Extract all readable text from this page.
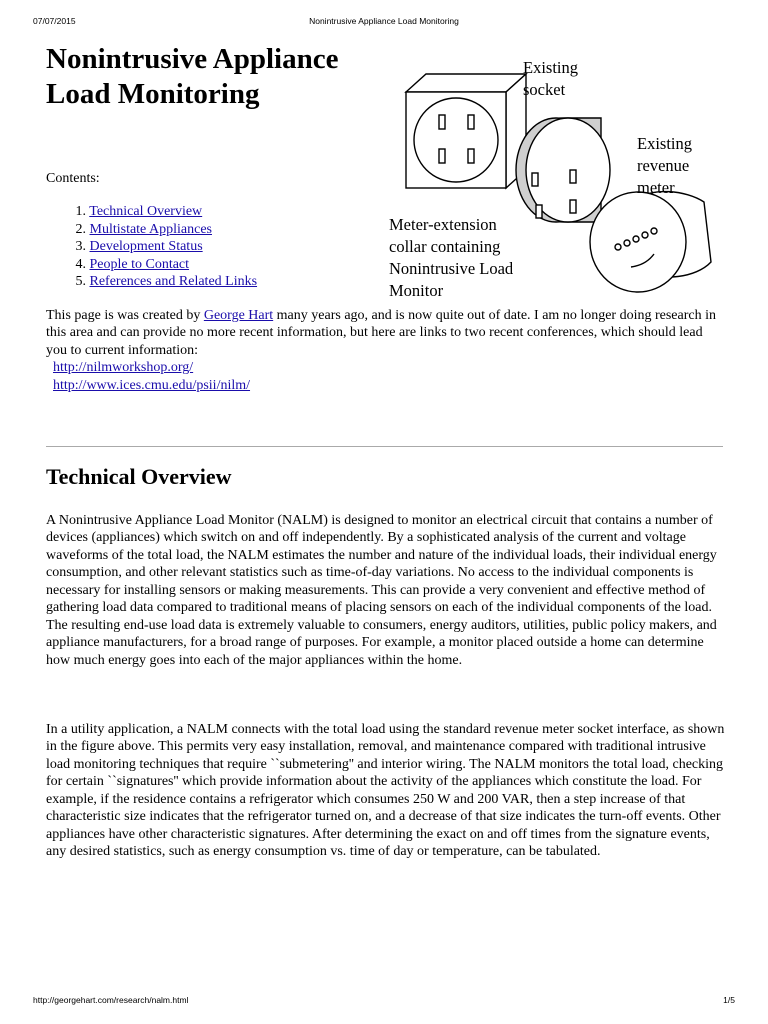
07/07/2015	Nonintrusive Appliance Load Monitoring
Nonintrusive Appliance Load Monitoring

Contents:

1. Technical Overview
2. Multistate Appliances
3. Development Status
4. People to Contact
5. References and Related Links
Existing
socket
Existing
revenue
meter
Meter-extension
collar containing
Nonintrusive Load
Monitor
This page is was created by George Hart many years ago, and is now quite out of date. I am no longer doing research in this area and can provide no more recent information, but here are links to two recent conferences, which should lead you to current information:
http://nilmworkshop.org/
http://www.ices.cmu.edu/psii/nilm/
Technical Overview

A Nonintrusive Appliance Load Monitor (NALM) is designed to monitor an electrical circuit that contains a number of devices (appliances) which switch on and off independently. By a sophisticated analysis of the current and voltage waveforms of the total load, the NALM estimates the number and nature of the individual loads, their individual energy consumption, and other relevant statistics such as time-of-day variations. No access to the individual components is necessary for installing sensors or making measurements. This can provide a very convenient and effective method of gathering load data compared to traditional means of placing sensors on each of the individual components of the load. The resulting end-use load data is extremely valuable to consumers, energy auditors, utilities, public policy makers, and appliance manufacturers, for a broad range of purposes. For example, a monitor placed outside a home can determine how much energy goes into each of the major appliances within the home.

In a utility application, a NALM connects with the total load using the standard revenue meter socket interface, as shown in the figure above. This permits very easy installation, removal, and maintenance compared with traditional intrusive load monitoring techniques that require ``submetering'' and interior wiring. The NALM monitors the total load, checking for certain ``signatures'' which provide information about the activity of the appliances which constitute the load. For example, if the residence contains a refrigerator which consumes 250 W and 200 VAR, then a step increase of that characteristic size indicates that the refrigerator turned on, and a decrease of that size indicates the turn-off events. Other appliances have other characteristic signatures. After determining the exact on and off times from the signature events, any desired statistics, such as energy consumption vs. time of day or temperature, can be tabulated.

http://georgehart.com/research/nalm.html	1/5
